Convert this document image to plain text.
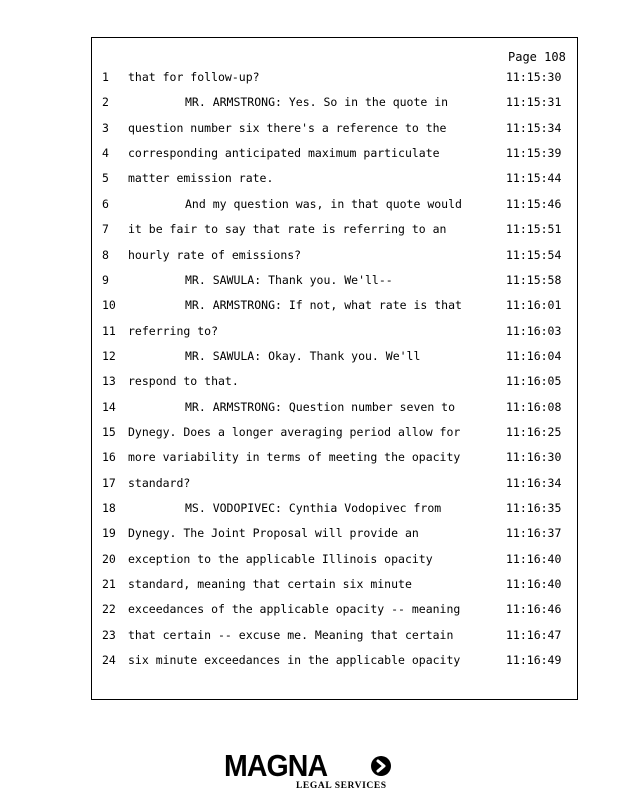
Page 108
1	that for follow-up?	11:15:30
2	MR. ARMSTRONG: Yes. So in the quote in	11:15:31
3	question number six there's a reference to the	11:15:34
4	corresponding anticipated maximum particulate	11:15:39
5	matter emission rate.	11:15:44
6	And my question was, in that quote would	11:15:46
7	it be fair to say that rate is referring to an	11:15:51
8	hourly rate of emissions?	11:15:54
9	MR. SAWULA: Thank you. We'll--	11:15:58
10	MR. ARMSTRONG: If not, what rate is that	11:16:01
11 referring to?	11:16:03
12	MR. SAWULA: Okay. Thank you. We'll	11:16:04
13 respond to that.	11:16:05
14	MR. ARMSTRONG: Question number seven to	11:16:08
15 Dynegy. Does a longer averaging period allow for	11:16:25
16 more variability in terms of meeting the opacity	11:16:30
17 standard?	11:16:34
18	MS. VODOPIVEC: Cynthia Vodopivec from	11:16:35
19 Dynegy. The Joint Proposal will provide an	11:16:37
20 exception to the applicable Illinois opacity	11:16:40
21 standard, meaning that certain six minute	11:16:40
22 exceedances of the applicable opacity -- meaning	11:16:46
23 that certain -- excuse me. Meaning that certain	11:16:47
24 six minute exceedances in the applicable opacity	11:16:49
MAGNA
LEGAL SERVICES
